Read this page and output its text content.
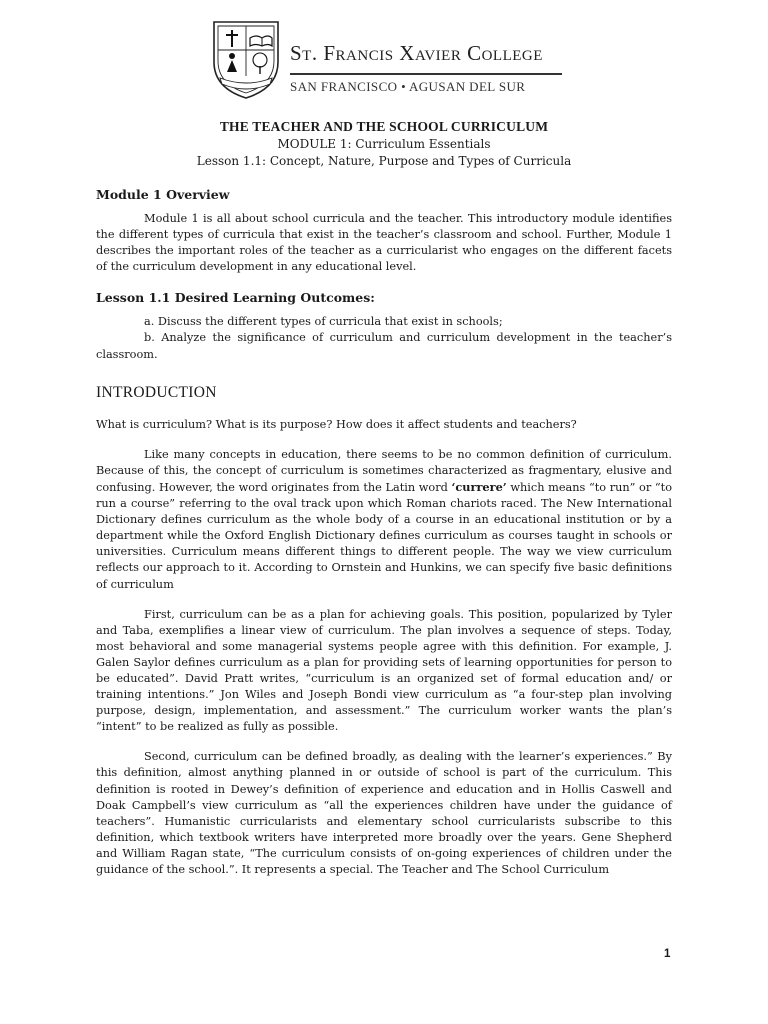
St. Francis Xavier College
SAN FRANCISCO • AGUSAN DEL SUR
THE TEACHER AND THE SCHOOL CURRICULUM
MODULE 1: Curriculum Essentials
Lesson 1.1: Concept, Nature, Purpose and Types of Curricula

Module 1 Overview

Module 1 is all about school curricula and the teacher. This introductory module identifies the different types of curricula that exist in the teacher’s classroom and school. Further, Module 1 describes the important roles of the teacher as a curricularist who engages on the different facets of the curriculum development in any educational level.

Lesson 1.1 Desired Learning Outcomes:

a. Discuss the different types of curricula that exist in schools;

b. Analyze the significance of curriculum and curriculum development in the teacher’s classroom.

INTRODUCTION

What is curriculum? What is its purpose? How does it affect students and teachers?

Like many concepts in education, there seems to be no common definition of curriculum. Because of this, the concept of curriculum is sometimes characterized as fragmentary, elusive and confusing. However, the word originates from the Latin word ‘currere’ which means “to run” or “to run a course” referring to the oval track upon which Roman chariots raced. The New International Dictionary defines curriculum as the whole body of a course in an educational institution or by a department while the Oxford English Dictionary defines curriculum as courses taught in schools or universities. Curriculum means different things to different people. The way we view curriculum reflects our approach to it. According to Ornstein and Hunkins, we can specify five basic definitions of curriculum

First, curriculum can be as a plan for achieving goals. This position, popularized by Tyler and Taba, exemplifies a linear view of curriculum. The plan involves a sequence of steps. Today, most behavioral and some managerial systems people agree with this definition. For example, J. Galen Saylor defines curriculum as a plan for providing sets of learning opportunities for person to be educated”. David Pratt writes, “curriculum is an organized set of formal education and/ or training intentions.” Jon Wiles and Joseph Bondi view curriculum as “a four-step plan involving purpose, design, implementation, and assessment.” The curriculum worker wants the plan’s “intent” to be realized as fully as possible.

Second, curriculum can be defined broadly, as dealing with the learner’s experiences.” By this definition, almost anything planned in or outside of school is part of the curriculum. This definition is rooted in Dewey’s definition of experience and education and in Hollis Caswell and Doak Campbell’s view curriculum as “all the experiences children have under the guidance of teachers”. Humanistic curricularists and elementary school curricularists subscribe to this definition, which textbook writers have interpreted more broadly over the years. Gene Shepherd and William Ragan state, “The curriculum consists of on-going experiences of children under the guidance of the school.”. It represents a special. The Teacher and The School Curriculum

1
